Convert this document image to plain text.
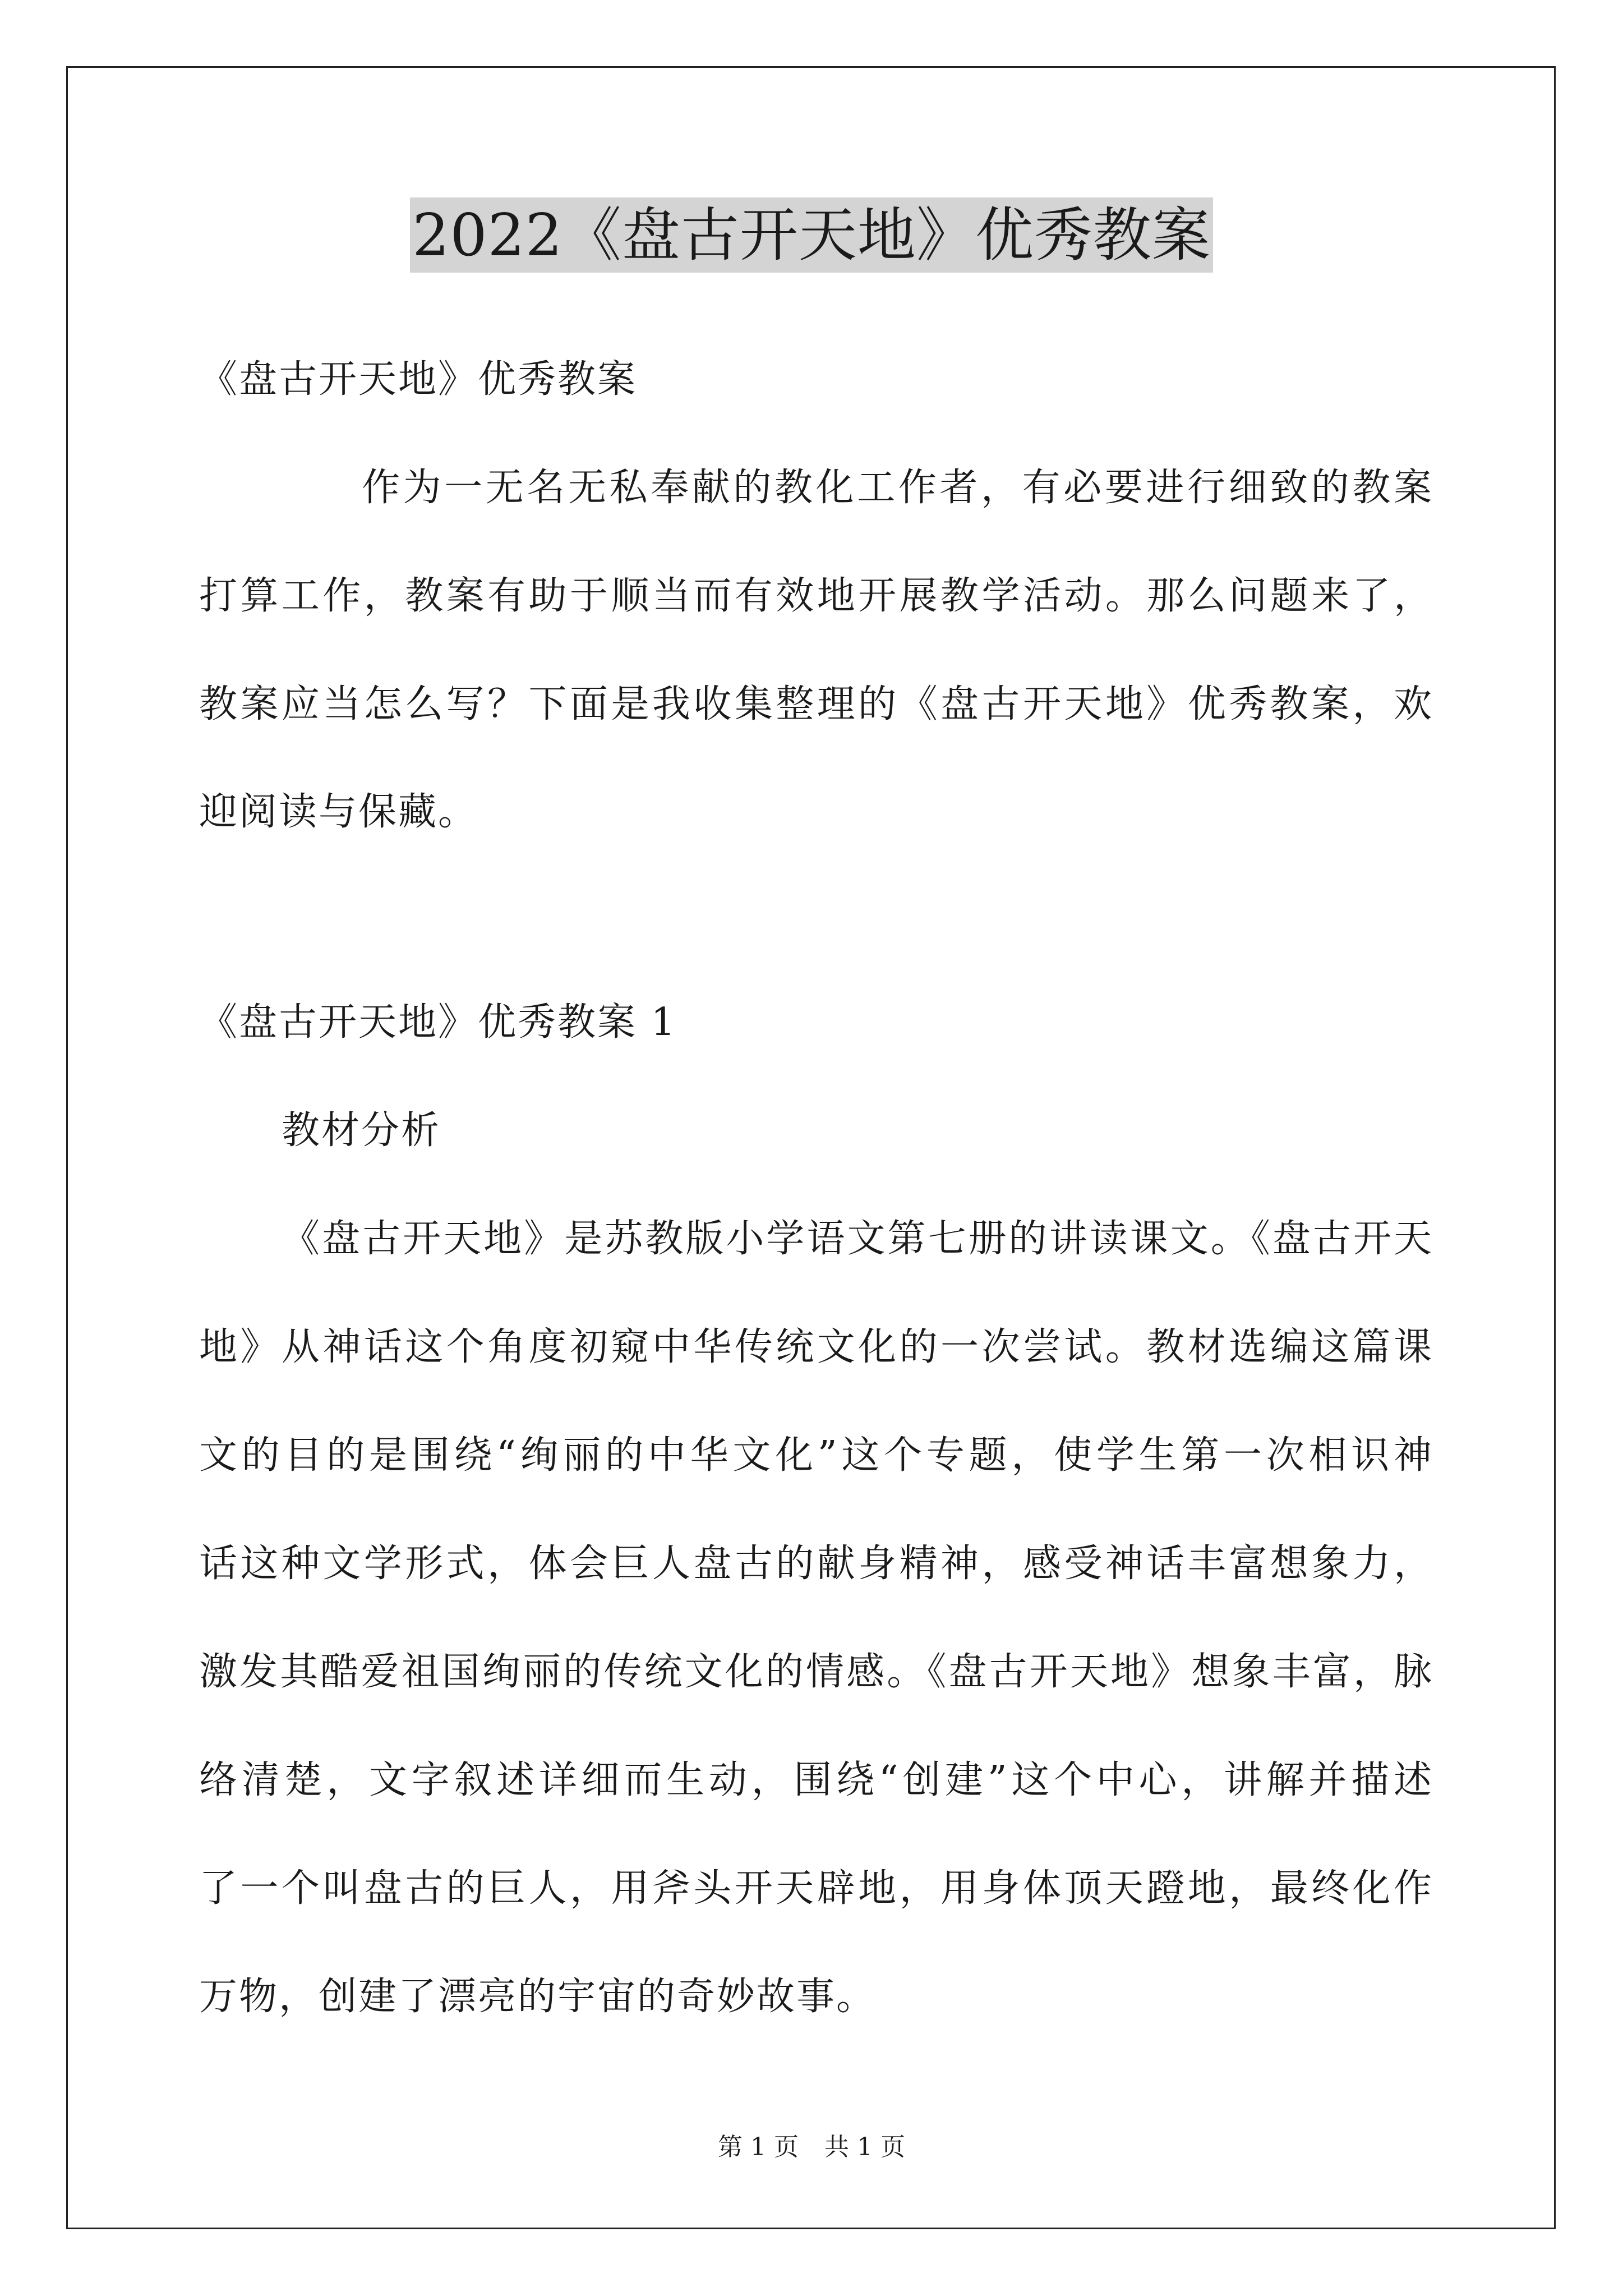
2022《盘古开天地》优秀教案
《盘古开天地》优秀教案
作为一无名无私奉献的教化工作者，有必要进行细致的教案
打算工作，教案有助于顺当而有效地开展教学活动。那么问题来了，
教案应当怎么写？下面是我收集整理的《盘古开天地》优秀教案，欢
迎阅读与保藏。
《盘古开天地》优秀教案 1
教材分析
《盘古开天地》是苏教版小学语文第七册的讲读课文。《盘古开天
地》从神话这个角度初窥中华传统文化的一次尝试。教材选编这篇课
文的目的是围绕“绚丽的中华文化”这个专题，使学生第一次相识神
话这种文学形式，体会巨人盘古的献身精神，感受神话丰富想象力，
激发其酷爱祖国绚丽的传统文化的情感。《盘古开天地》想象丰富，脉
络清楚，文字叙述详细而生动，围绕“创建”这个中心，讲解并描述
了一个叫盘古的巨人，用斧头开天辟地，用身体顶天蹬地，最终化作
万物，创建了漂亮的宇宙的奇妙故事。
第 1 页 共 1 页
